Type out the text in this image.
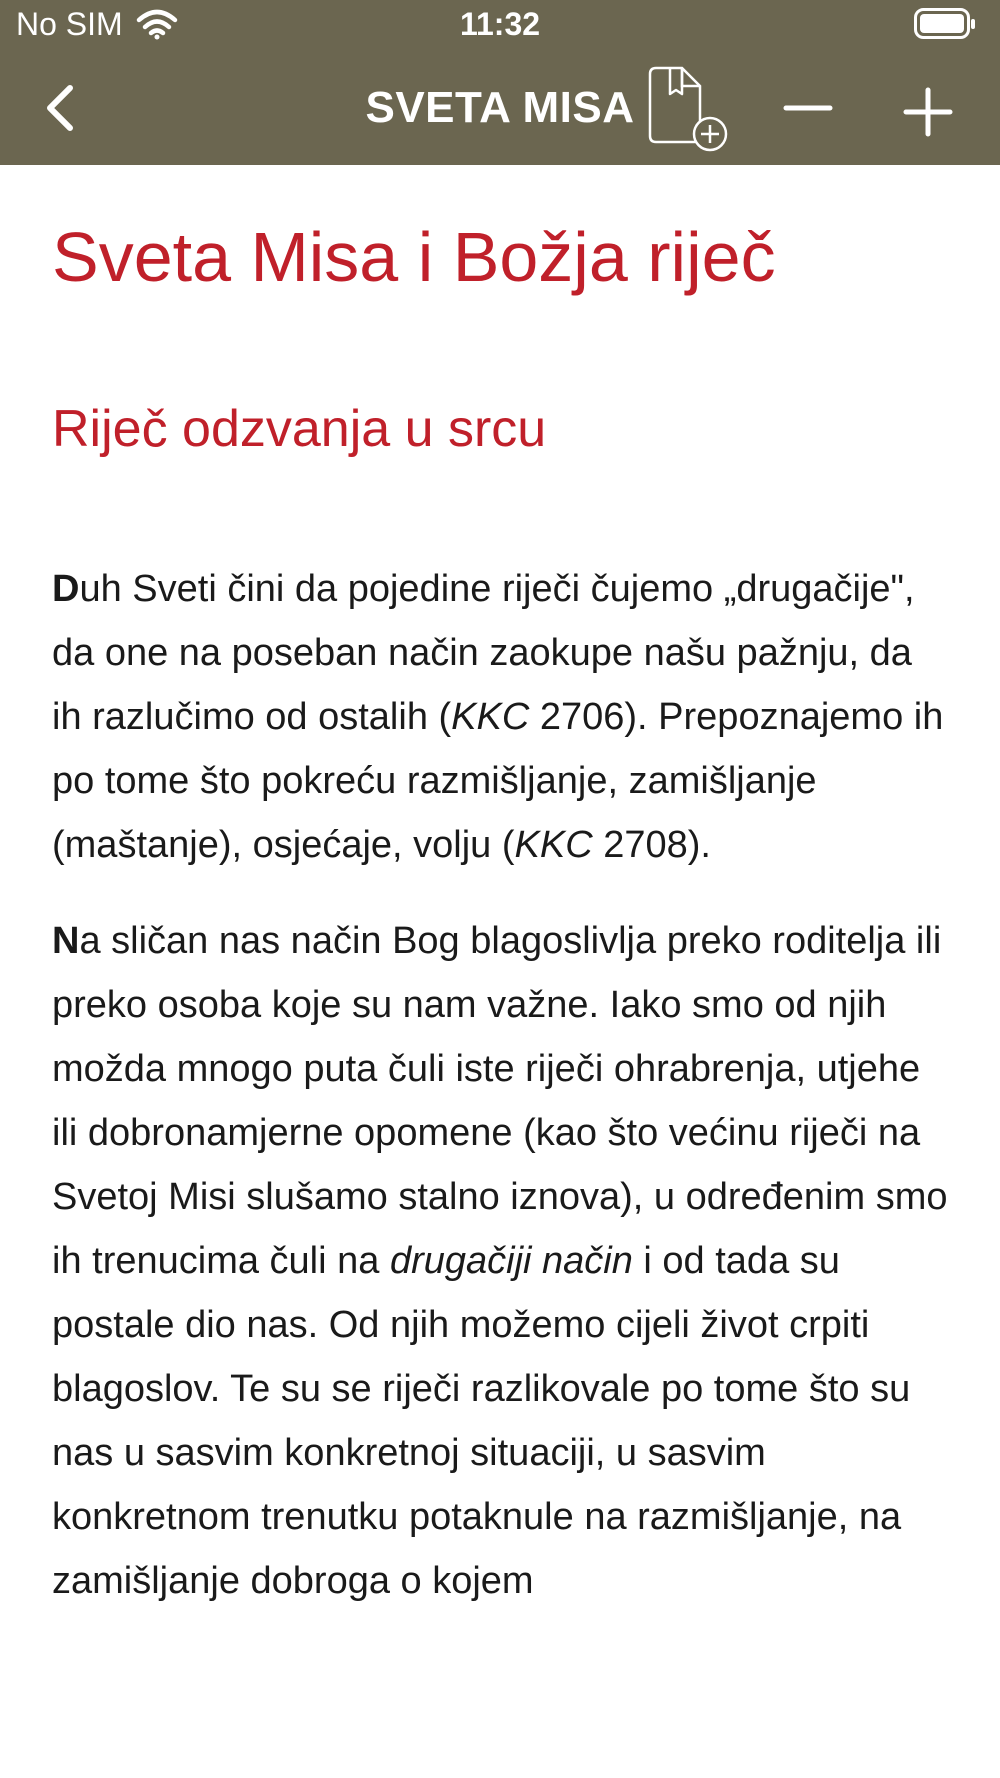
No SIM	11:32
SVETA MISA
Sveta Misa i Božja riječ
Riječ odzvanja u srcu

Duh Sveti čini da pojedine riječi čujemo „drugačije", da one na poseban način zaokupe našu pažnju, da ih razlučimo od ostalih (KKC 2706). Prepoznajemo ih po tome što pokreću razmišljanje, zamišljanje (maštanje), osjećaje, volju (KKC 2708).

Na sličan nas način Bog blagoslivlja preko roditelja ili preko osoba koje su nam važne. Iako smo od njih možda mnogo puta čuli iste riječi ohrabrenja, utjehe ili dobronamjerne opomene (kao što većinu riječi na Svetoj Misi slušamo stalno iznova), u određenim smo ih trenucima čuli na drugačiji način i od tada su postale dio nas. Od njih možemo cijeli život crpiti blagoslov. Te su se riječi razlikovale po tome što su nas u sasvim konkretnoj situaciji, u sasvim konkretnom trenutku potaknule na razmišljanje, na zamišljanje dobroga o kojem
